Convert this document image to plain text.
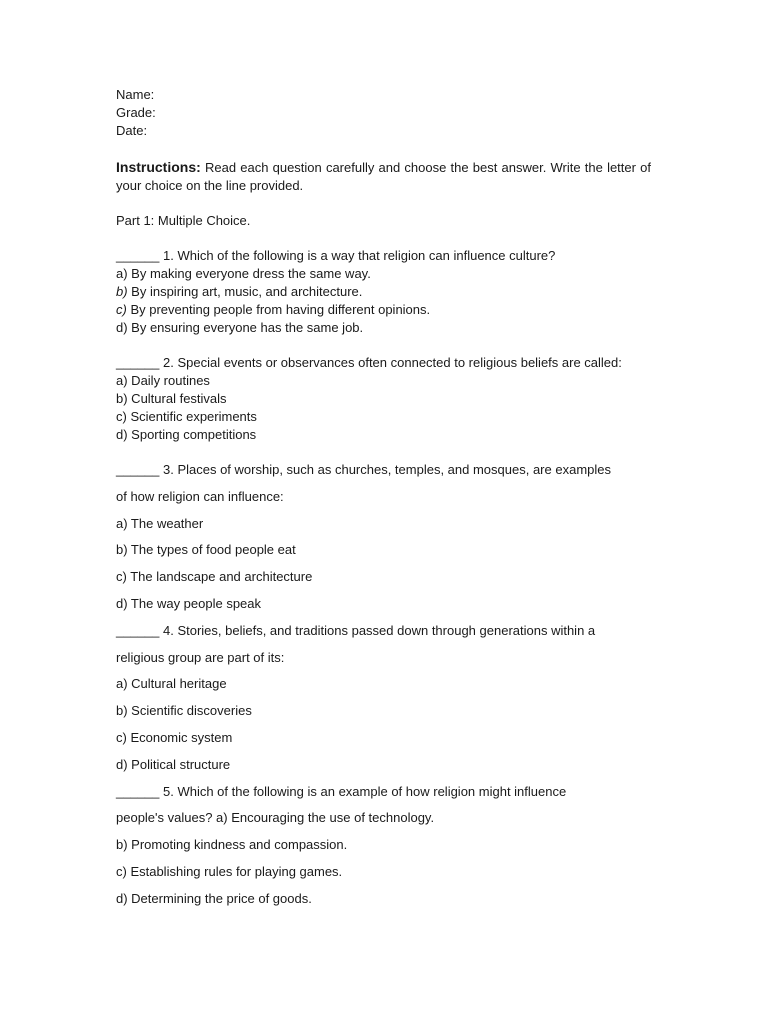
Name:
Grade:
Date:
Instructions: Read each question carefully and choose the best answer. Write the letter of your choice on the line provided.
Part 1: Multiple Choice.
______ 1. Which of the following is a way that religion can influence culture?
a) By making everyone dress the same way.
b) By inspiring art, music, and architecture.
c) By preventing people from having different opinions.
d) By ensuring everyone has the same job.
______ 2. Special events or observances often connected to religious beliefs are called:
a) Daily routines
b) Cultural festivals
c) Scientific experiments
d) Sporting competitions
______ 3. Places of worship, such as churches, temples, and mosques, are examples
of how religion can influence:
a) The weather
b) The types of food people eat
c) The landscape and architecture
d) The way people speak
______ 4. Stories, beliefs, and traditions passed down through generations within a
religious group are part of its:
a) Cultural heritage
b) Scientific discoveries
c) Economic system
d) Political structure
______ 5. Which of the following is an example of how religion might influence
people's values? a) Encouraging the use of technology.
b) Promoting kindness and compassion.
c) Establishing rules for playing games.
d) Determining the price of goods.
